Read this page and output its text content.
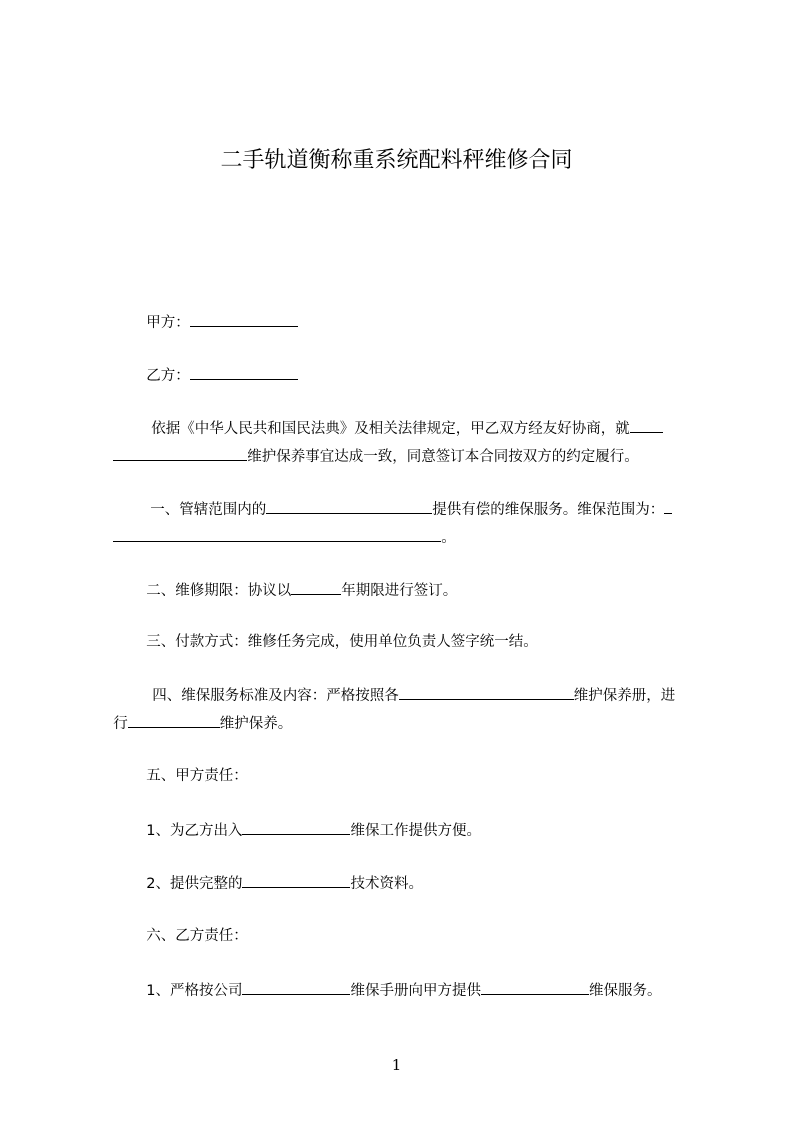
二手轨道衡称重系统配料秤维修合同

甲方：

乙方：

依据《中华人民共和国民法典》及相关法律规定，甲乙双方经友好协商，就

维护保养事宜达成一致，同意签订本合同按双方的约定履行。

一、管辖范围内的	提供有偿的维保服务。维保范围为：

。

二、维修期限：协议以	年期限进行签订。

三、付款方式：维修任务完成，使用单位负责人签字统一结。

四、维保服务标准及内容：严格按照各	维护保养册，进

行	维护保养。

五、甲方责任：

1、为乙方出入	维保工作提供方便。

2、提供完整的	技术资料。

六、乙方责任：

1、严格按公司	维保手册向甲方提供	维保服务。

1
